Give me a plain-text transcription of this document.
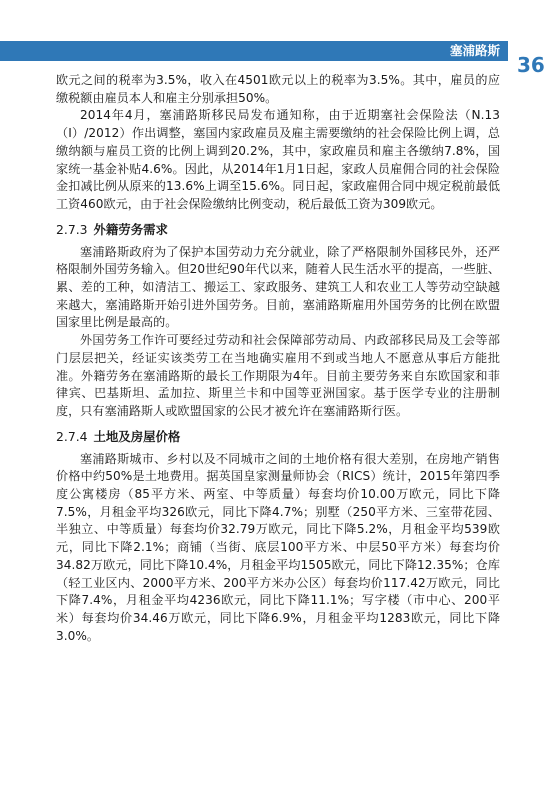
塞浦路斯
36

欧元之间的税率为3.5%，收入在4501欧元以上的税率为3.5%。其中，雇员的应缴税额由雇员本人和雇主分别承担50%。

2014年4月，塞浦路斯移民局发布通知称，由于近期塞社会保险法（N.13（I）/2012）作出调整，塞国内家政雇员及雇主需要缴纳的社会保险比例上调，总缴纳额与雇员工资的比例上调到20.2%，其中，家政雇员和雇主各缴纳7.8%，国家统一基金补贴4.6%。因此，从2014年1月1日起，家政人员雇佣合同的社会保险金扣减比例从原来的13.6%上调至15.6%。同日起，家政雇佣合同中规定税前最低工资460欧元，由于社会保险缴纳比例变动，税后最低工资为309欧元。

2.7.3 外籍劳务需求

塞浦路斯政府为了保护本国劳动力充分就业，除了严格限制外国移民外，还严格限制外国劳务输入。但20世纪90年代以来，随着人民生活水平的提高，一些脏、累、差的工种，如清洁工、搬运工、家政服务、建筑工人和农业工人等劳动空缺越来越大，塞浦路斯开始引进外国劳务。目前，塞浦路斯雇用外国劳务的比例在欧盟国家里比例是最高的。

外国劳务工作许可要经过劳动和社会保障部劳动局、内政部移民局及工会等部门层层把关，经证实该类劳工在当地确实雇用不到或当地人不愿意从事后方能批准。外籍劳务在塞浦路斯的最长工作期限为4年。目前主要劳务来自东欧国家和菲律宾、巴基斯坦、孟加拉、斯里兰卡和中国等亚洲国家。基于医学专业的注册制度，只有塞浦路斯人或欧盟国家的公民才被允许在塞浦路斯行医。

2.7.4 土地及房屋价格

塞浦路斯城市、乡村以及不同城市之间的土地价格有很大差别，在房地产销售价格中约50%是土地费用。据英国皇家测量师协会（RICS）统计，2015年第四季度公寓楼房（85平方米、两室、中等质量）每套均价10.00万欧元，同比下降7.5%，月租金平均326欧元，同比下降4.7%；别墅（250平方米、三室带花园、半独立、中等质量）每套均价32.79万欧元，同比下降5.2%，月租金平均539欧元，同比下降2.1%；商铺（当街、底层100平方米、中层50平方米）每套均价34.82万欧元，同比下降10.4%，月租金平均1505欧元，同比下降12.35%；仓库（轻工业区内、2000平方米、200平方米办公区）每套均价117.42万欧元，同比下降7.4%，月租金平均4236欧元，同比下降11.1%；写字楼（市中心、200平米）每套均价34.46万欧元，同比下降6.9%，月租金平均1283欧元，同比下降3.0%。
